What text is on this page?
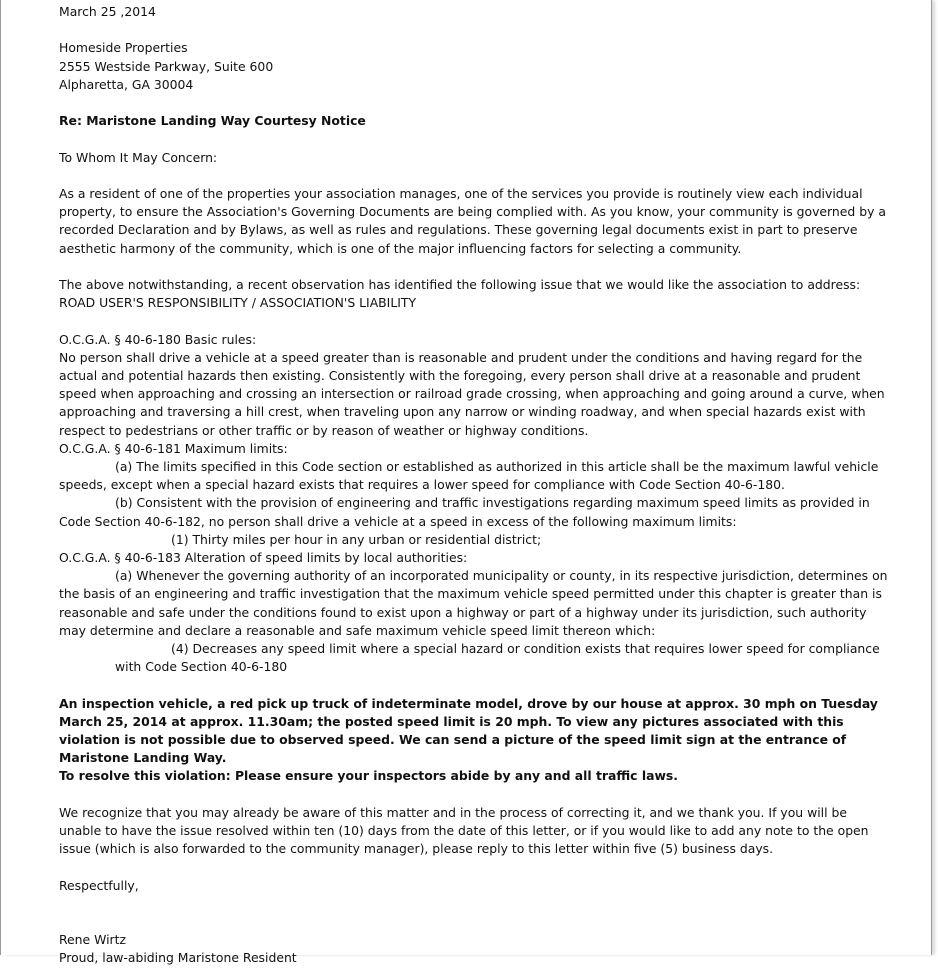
March 25 ,2014

Homeside Properties

2555 Westside Parkway, Suite 600

Alpharetta, GA 30004

Re: Maristone Landing Way Courtesy Notice

To Whom It May Concern:

As a resident of one of the properties your association manages, one of the services you provide is routinely view each individual property, to ensure the Association's Governing Documents are being complied with. As you know, your community is governed by a recorded Declaration and by Bylaws, as well as rules and regulations. These governing legal documents exist in part to preserve aesthetic harmony of the community, which is one of the major influencing factors for selecting a community.

The above notwithstanding, a recent observation has identified the following issue that we would like the association to address:

ROAD USER'S RESPONSIBILITY / ASSOCIATION'S LIABILITY

O.C.G.A. § 40-6-180 Basic rules:

No person shall drive a vehicle at a speed greater than is reasonable and prudent under the conditions and having regard for the actual and potential hazards then existing. Consistently with the foregoing, every person shall drive at a reasonable and prudent speed when approaching and crossing an intersection or railroad grade crossing, when approaching and going around a curve, when approaching and traversing a hill crest, when traveling upon any narrow or winding roadway, and when special hazards exist with respect to pedestrians or other traffic or by reason of weather or highway conditions.

O.C.G.A. § 40-6-181 Maximum limits:

(a) The limits specified in this Code section or established as authorized in this article shall be the maximum lawful vehicle speeds, except when a special hazard exists that requires a lower speed for compliance with Code Section 40-6-180.

(b) Consistent with the provision of engineering and traffic investigations regarding maximum speed limits as provided in Code Section 40-6-182, no person shall drive a vehicle at a speed in excess of the following maximum limits:

(1) Thirty miles per hour in any urban or residential district;

O.C.G.A. § 40-6-183 Alteration of speed limits by local authorities:

(a) Whenever the governing authority of an incorporated municipality or county, in its respective jurisdiction, determines on the basis of an engineering and traffic investigation that the maximum vehicle speed permitted under this chapter is greater than is reasonable and safe under the conditions found to exist upon a highway or part of a highway under its jurisdiction, such authority may determine and declare a reasonable and safe maximum vehicle speed limit thereon which:

(4) Decreases any speed limit where a special hazard or condition exists that requires lower speed for compliance with Code Section 40-6-180

An inspection vehicle, a red pick up truck of indeterminate model, drove by our house at approx. 30 mph on Tuesday March 25, 2014 at approx. 11.30am; the posted speed limit is 20 mph. To view any pictures associated with this violation is not possible due to observed speed. We can send a picture of the speed limit sign at the entrance of Maristone Landing Way.

To resolve this violation: Please ensure your inspectors abide by any and all traffic laws.

We recognize that you may already be aware of this matter and in the process of correcting it, and we thank you. If you will be unable to have the issue resolved within ten (10) days from the date of this letter, or if you would like to add any note to the open issue (which is also forwarded to the community manager), please reply to this letter within five (5) business days.

Respectfully,

Rene Wirtz

Proud, law-abiding Maristone Resident
